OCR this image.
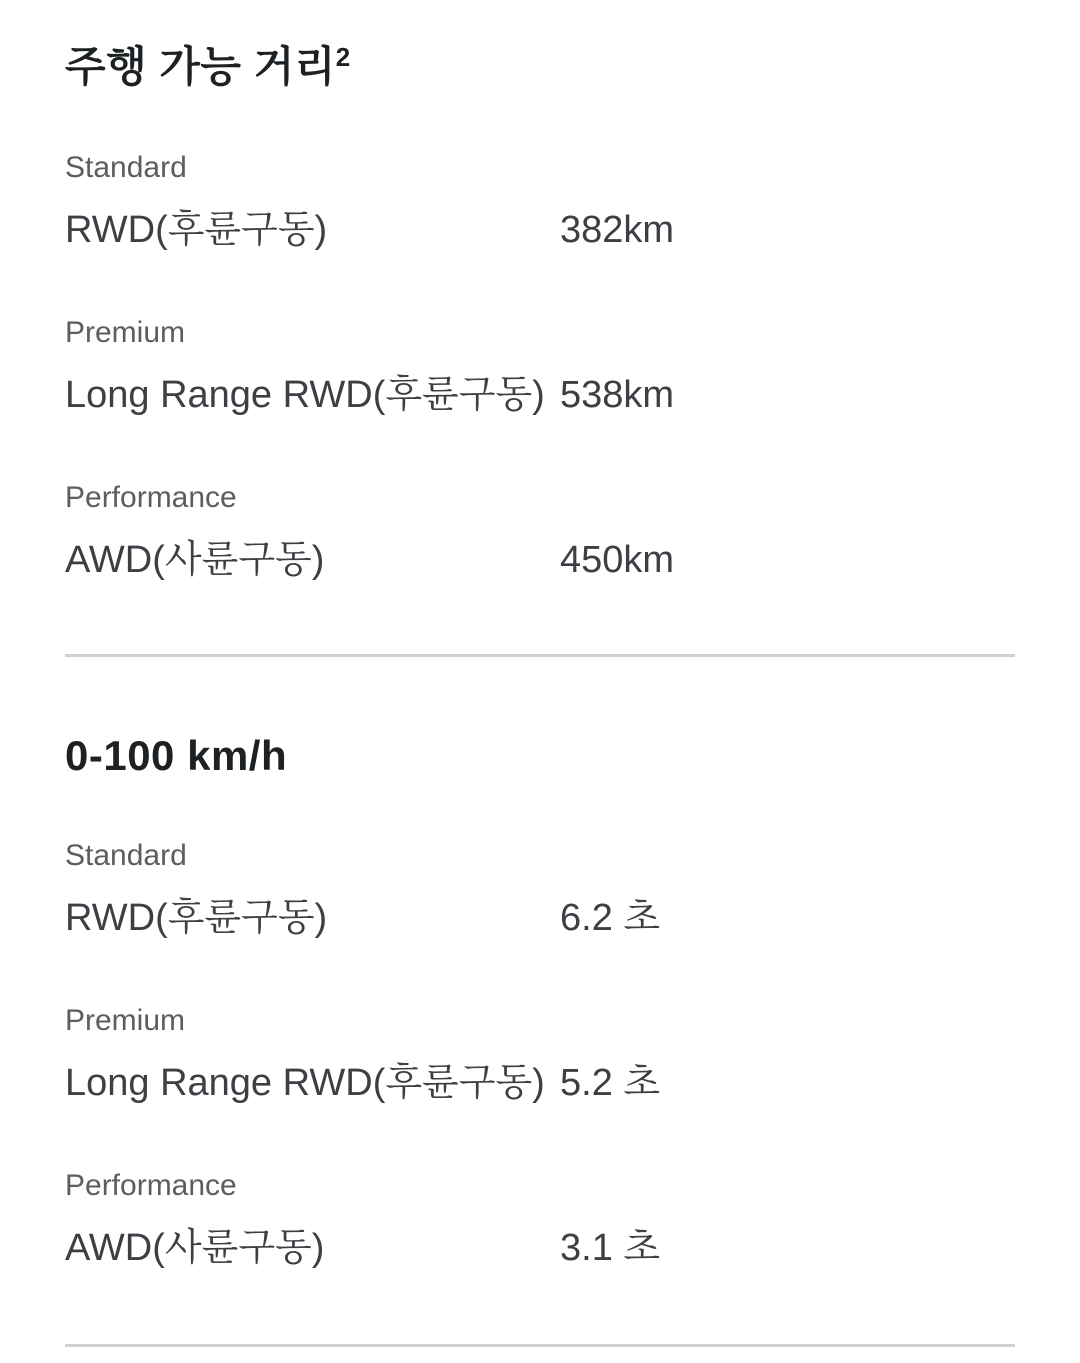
주행 가능 거리$^2$
Standard
RWD(후륜구동)	382km
Premium
Long Range RWD(후륜구동) 538km
Performance
AWD(사륜구동)	450km
0-100 km/h
Standard
RWD(후륜구동)	6.2 초
Premium
Long Range RWD(후륜구동) 5.2 초
Performance
AWD(사륜구동)	3.1 초
